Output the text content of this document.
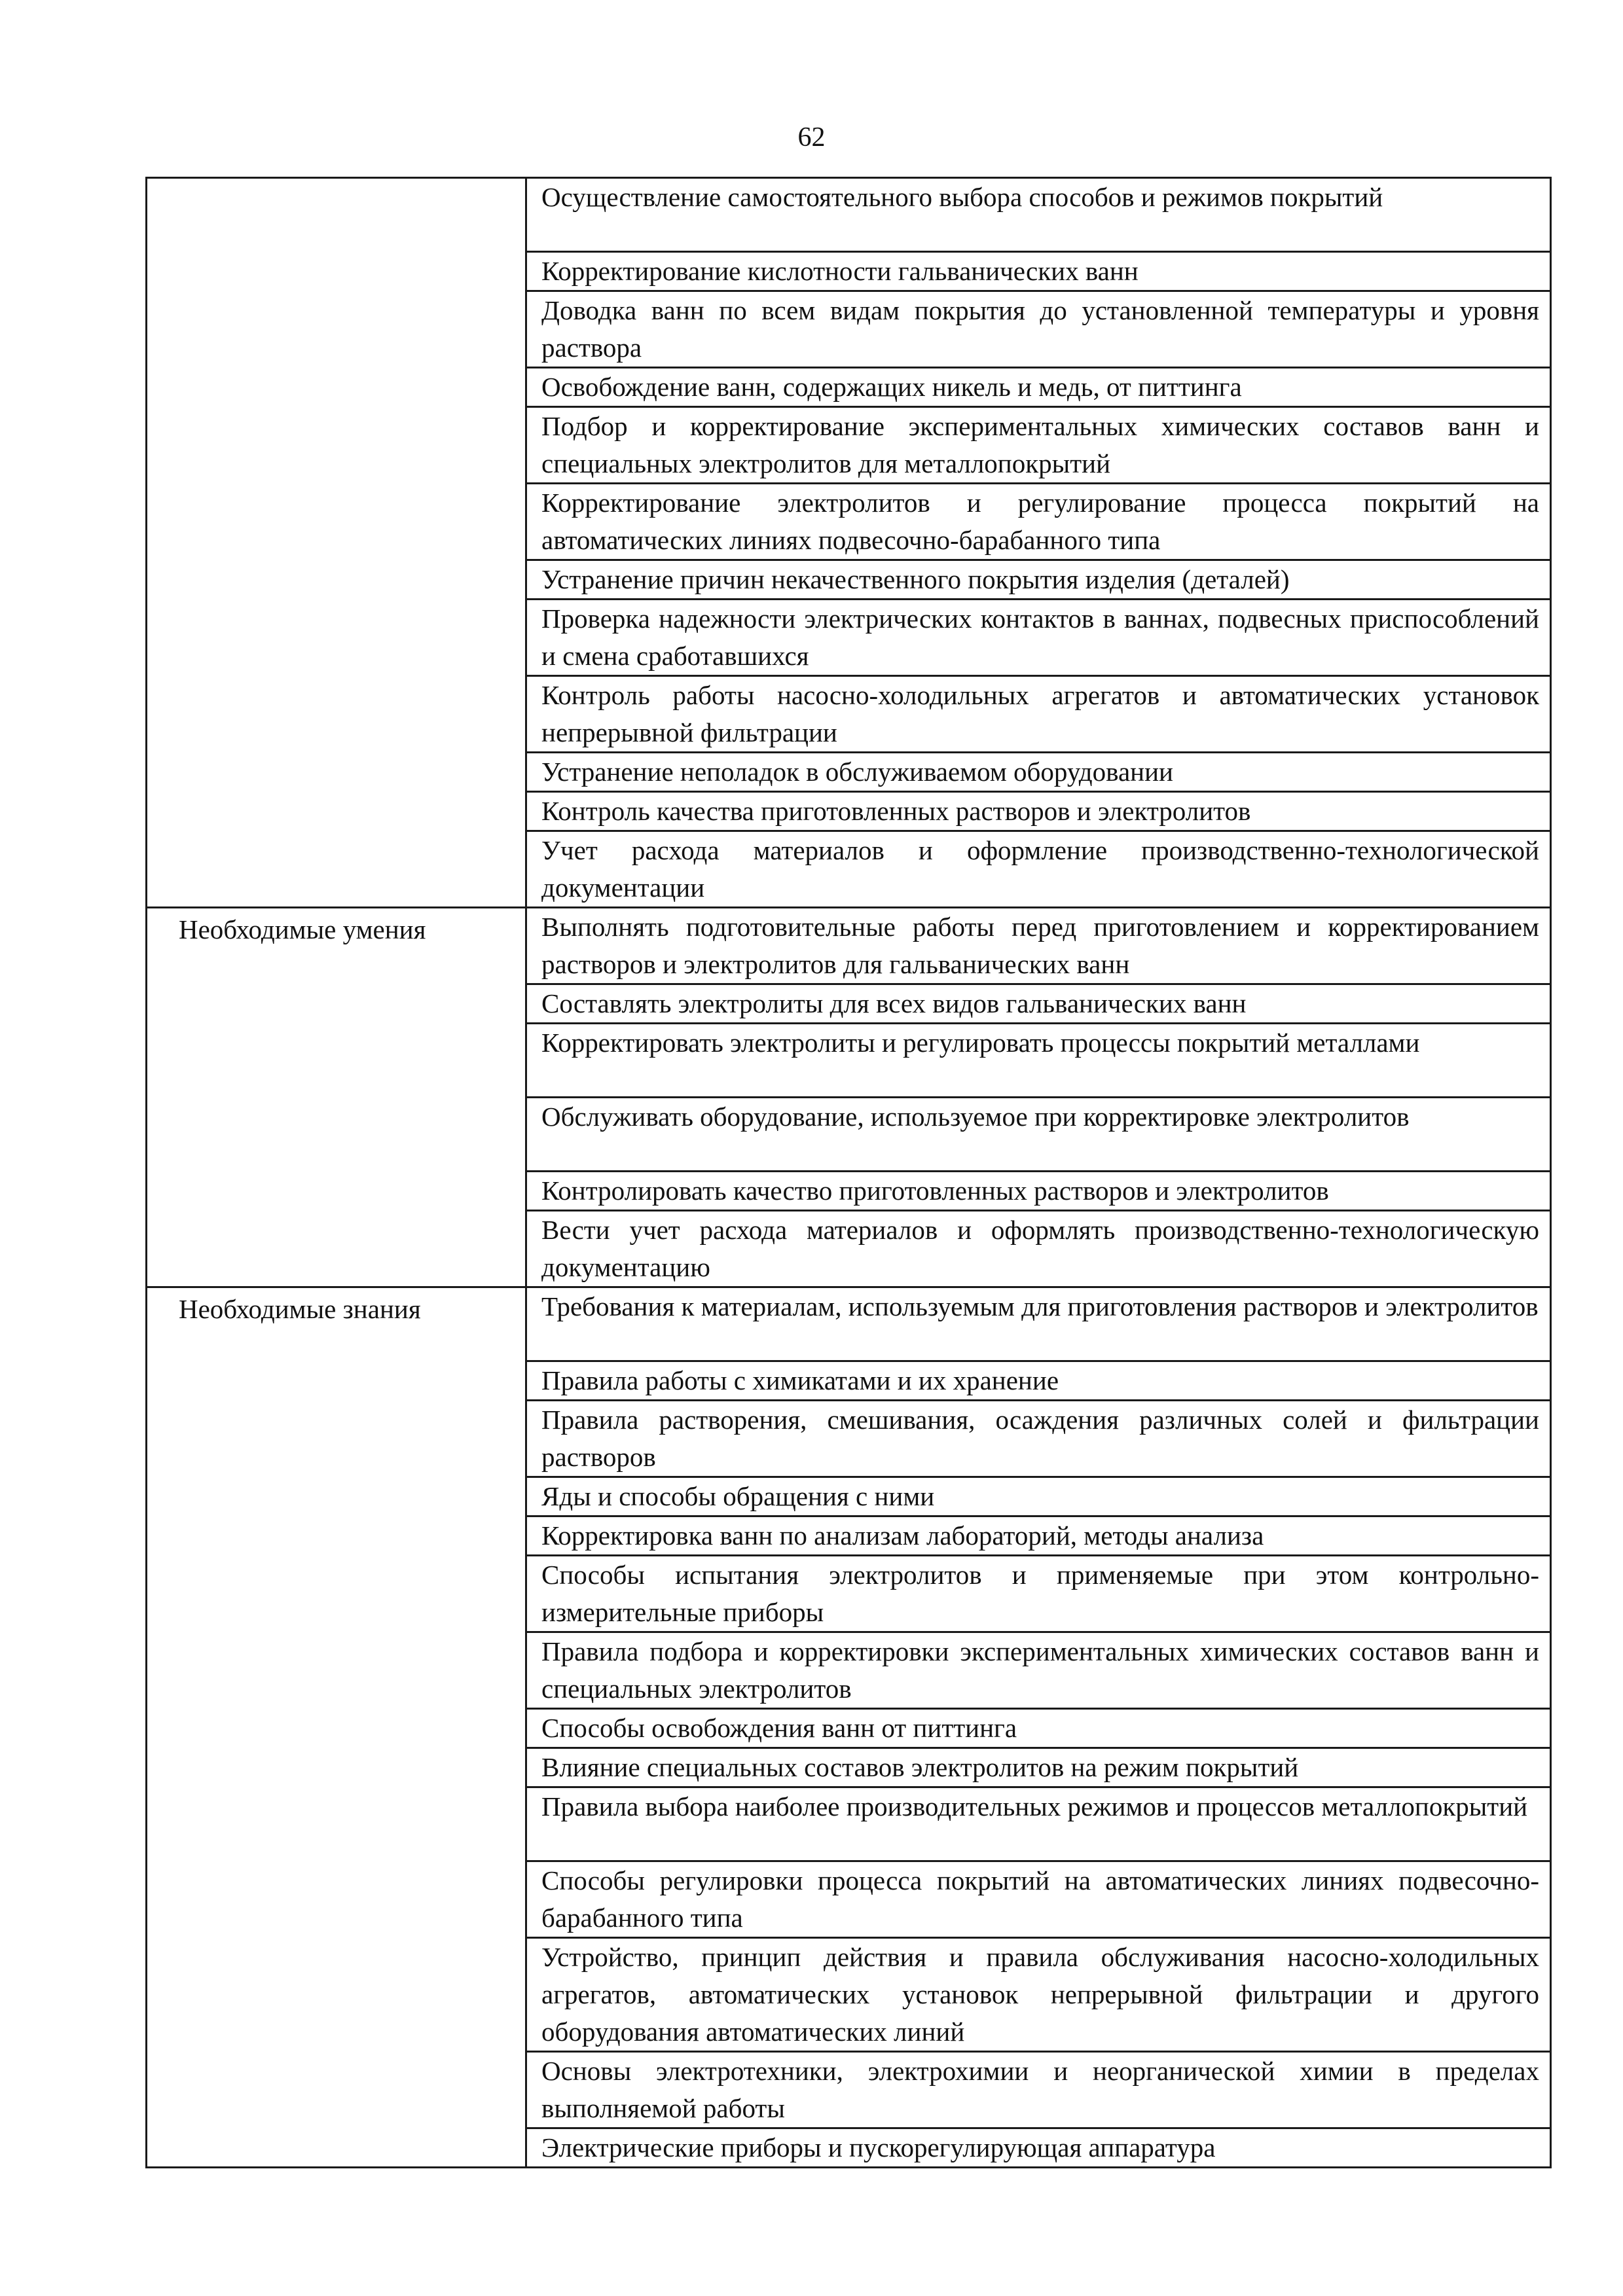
62
	Осуществление самостоятельного выбора способов и режимов покрытий
	Корректирование кислотности гальванических ванн
	Доводка ванн по всем видам покрытия до установленной температуры и уровня раствора
	Освобождение ванн, содержащих никель и медь, от питтинга
	Подбор и корректирование экспериментальных химических составов ванн и специальных электролитов для металлопокрытий
	Корректирование электролитов и регулирование процесса покрытий на автоматических линиях подвесочно-барабанного типа
	Устранение причин некачественного покрытия изделия (деталей)
	Проверка надежности электрических контактов в ваннах, подвесных приспособлений и смена сработавшихся
	Контроль работы насосно-холодильных агрегатов и автоматических установок непрерывной фильтрации
	Устранение неполадок в обслуживаемом оборудовании
	Контроль качества приготовленных растворов и электролитов
	Учет расхода материалов и оформление производственно-технологической документации
Необходимые умения	Выполнять подготовительные работы перед приготовлением и корректированием растворов и электролитов для гальванических ванн
	Составлять электролиты для всех видов гальванических ванн
	Корректировать электролиты и регулировать процессы покрытий металлами
	Обслуживать оборудование, используемое при корректировке электролитов
	Контролировать качество приготовленных растворов и электролитов
	Вести учет расхода материалов и оформлять производственно-технологическую документацию
Необходимые знания	Требования к материалам, используемым для приготовления растворов и электролитов
	Правила работы с химикатами и их хранение
	Правила растворения, смешивания, осаждения различных солей и фильтрации растворов
	Яды и способы обращения с ними
	Корректировка ванн по анализам лабораторий, методы анализа
	Способы испытания электролитов и применяемые при этом контрольно-измерительные приборы
	Правила подбора и корректировки экспериментальных химических составов ванн и специальных электролитов
	Способы освобождения ванн от питтинга
	Влияние специальных составов электролитов на режим покрытий
	Правила выбора наиболее производительных режимов и процессов металлопокрытий
	Способы регулировки процесса покрытий на автоматических линиях подвесочно-барабанного типа
	Устройство, принцип действия и правила обслуживания насосно-холодильных агрегатов, автоматических установок непрерывной фильтрации и другого оборудования автоматических линий
	Основы электротехники, электрохимии и неорганической химии в пределах выполняемой работы
	Электрические приборы и пускорегулирующая аппаратура
